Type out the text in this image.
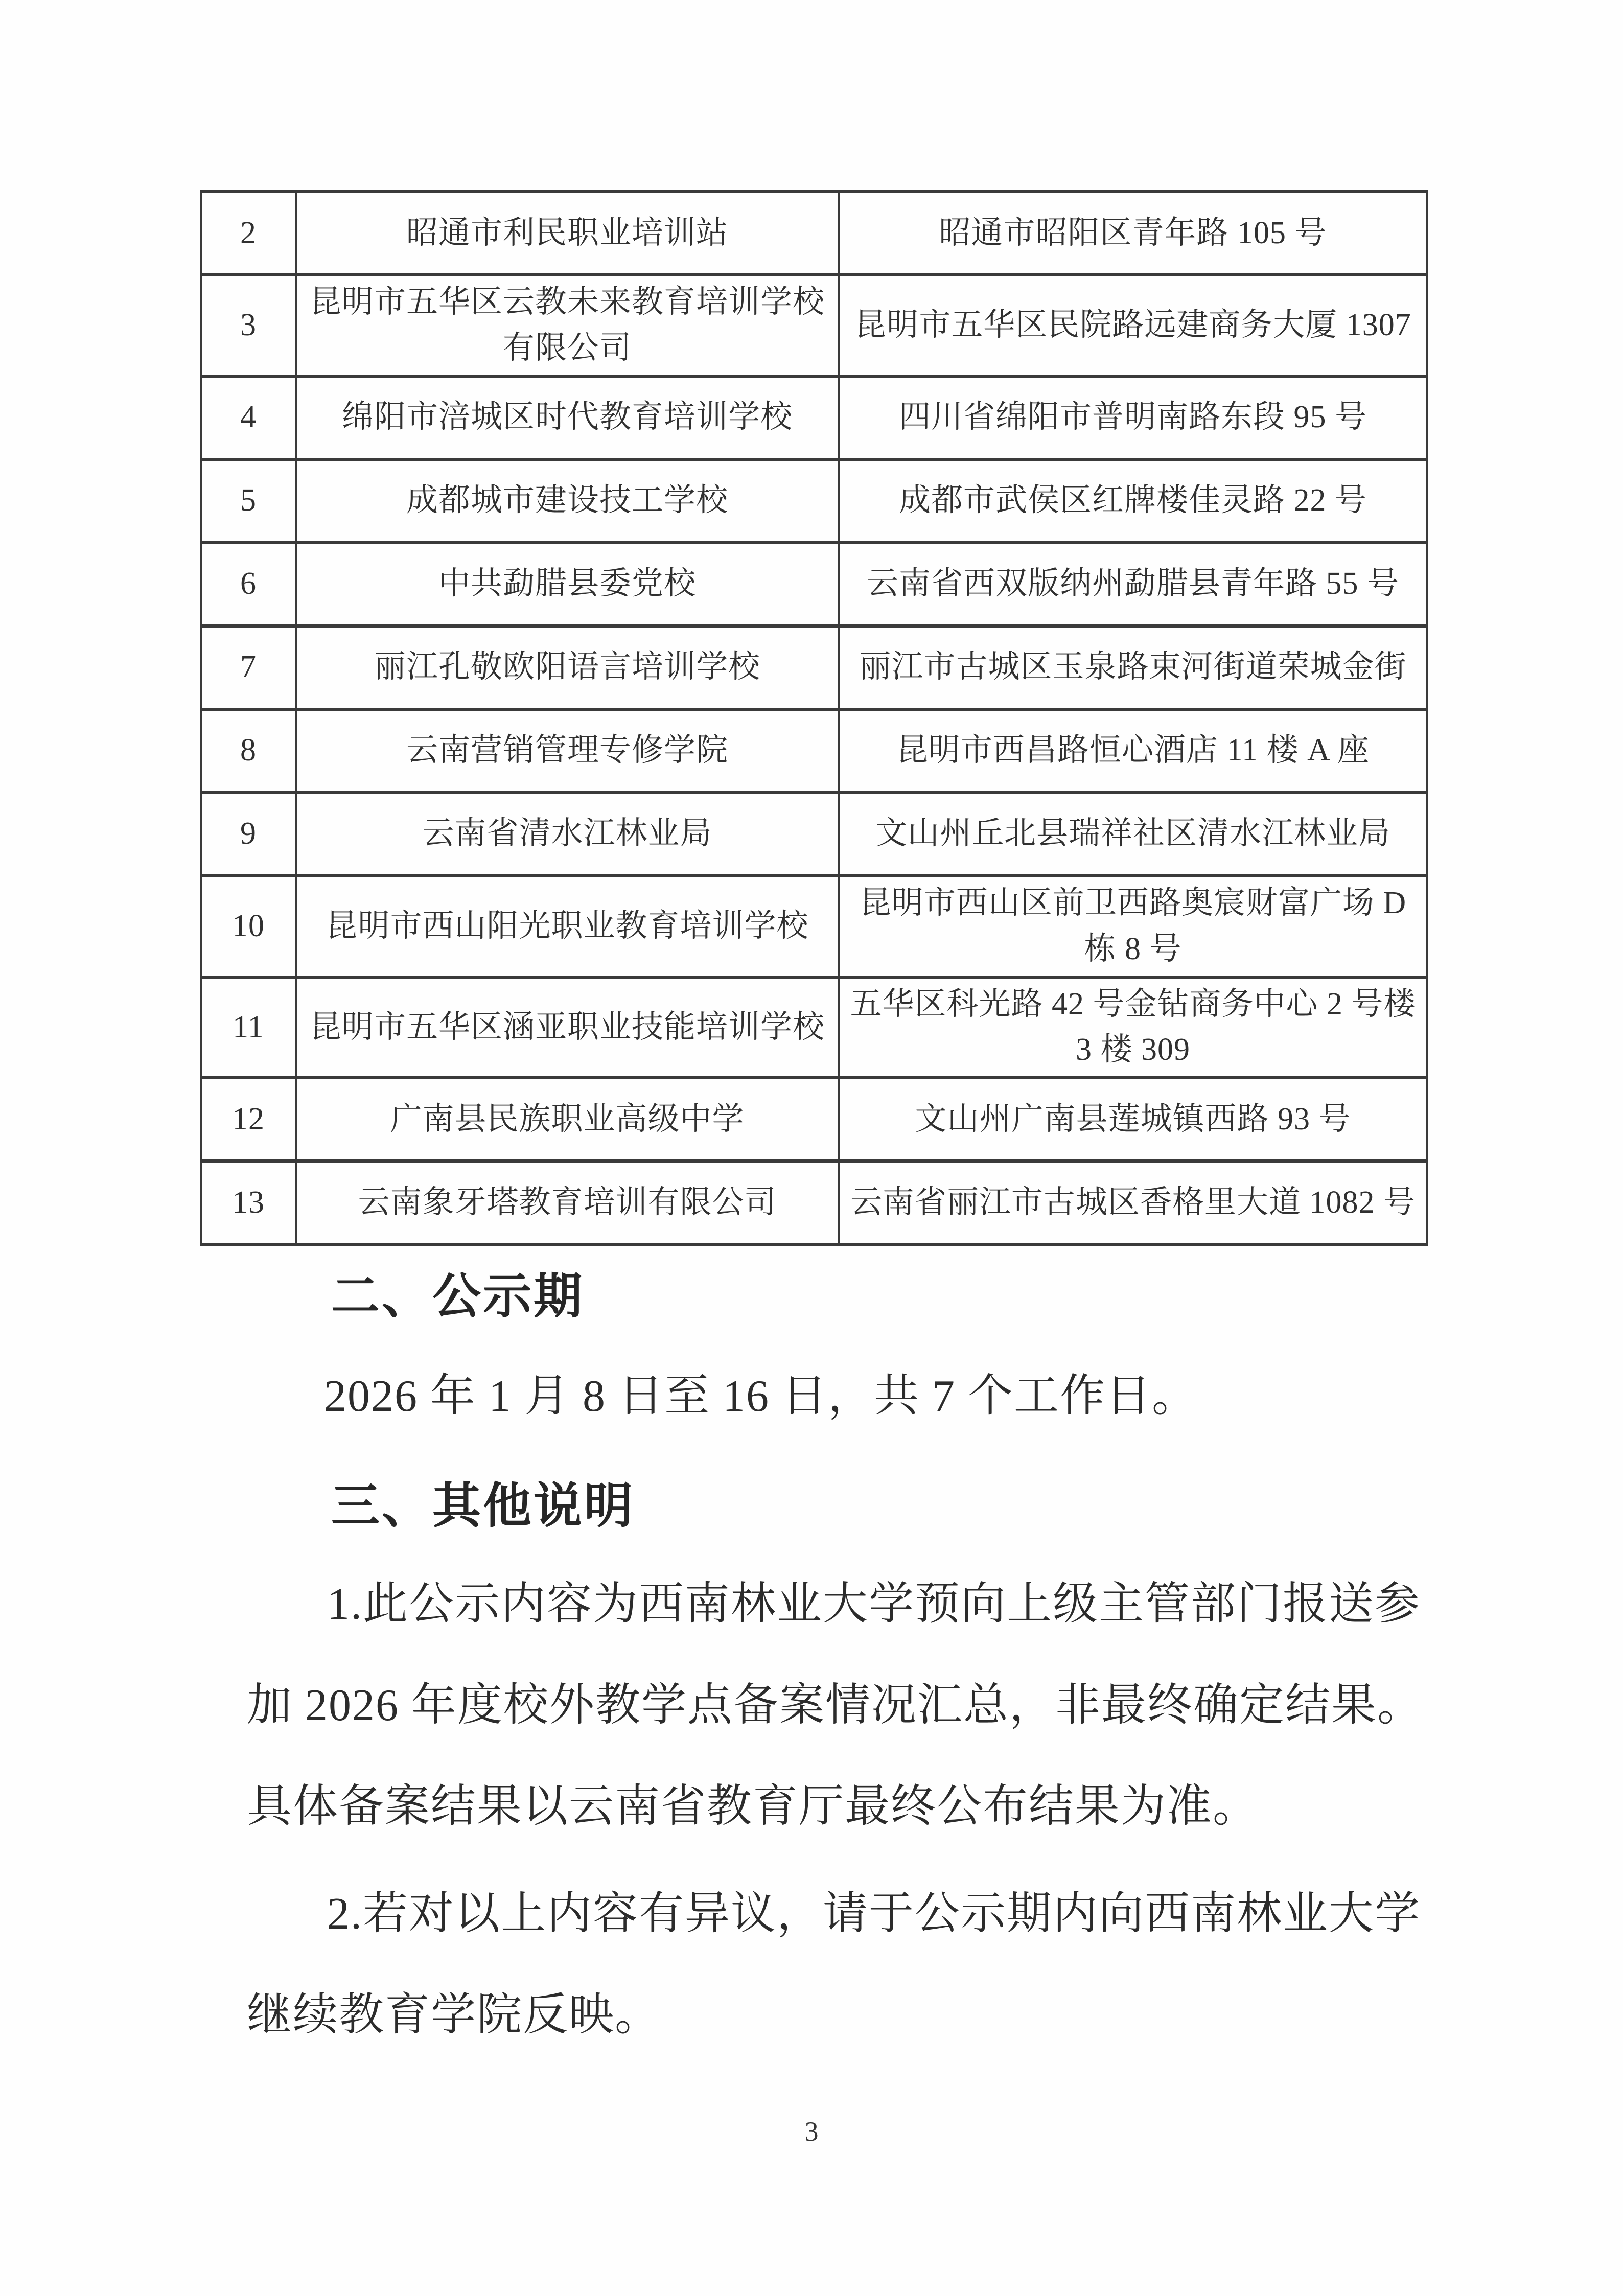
2	昭通市利民职业培训站	昭通市昭阳区青年路 105 号
3	昆明市五华区云教未来教育培训学校有限公司	昆明市五华区民院路远建商务大厦 1307
4	绵阳市涪城区时代教育培训学校	四川省绵阳市普明南路东段 95 号
5	成都城市建设技工学校	成都市武侯区红牌楼佳灵路 22 号
6	中共勐腊县委党校	云南省西双版纳州勐腊县青年路 55 号
7	丽江孔敬欧阳语言培训学校	丽江市古城区玉泉路束河街道荣城金街
8	云南营销管理专修学院	昆明市西昌路恒心酒店 11 楼 A 座
9	云南省清水江林业局	文山州丘北县瑞祥社区清水江林业局
10	昆明市西山阳光职业教育培训学校	昆明市西山区前卫西路奥宸财富广场 D 栋 8 号
11	昆明市五华区涵亚职业技能培训学校	五华区科光路 42 号金钻商务中心 2 号楼 3 楼 309
12	广南县民族职业高级中学	文山州广南县莲城镇西路 93 号
13	云南象牙塔教育培训有限公司	云南省丽江市古城区香格里大道 1082 号
二、公示期
2026 年 1 月 8 日至 16 日，共 7 个工作日。
三、其他说明
1.此公示内容为西南林业大学预向上级主管部门报送参
加 2026 年度校外教学点备案情况汇总，非最终确定结果。
具体备案结果以云南省教育厅最终公布结果为准。
2.若对以上内容有异议，请于公示期内向西南林业大学
继续教育学院反映。
3
